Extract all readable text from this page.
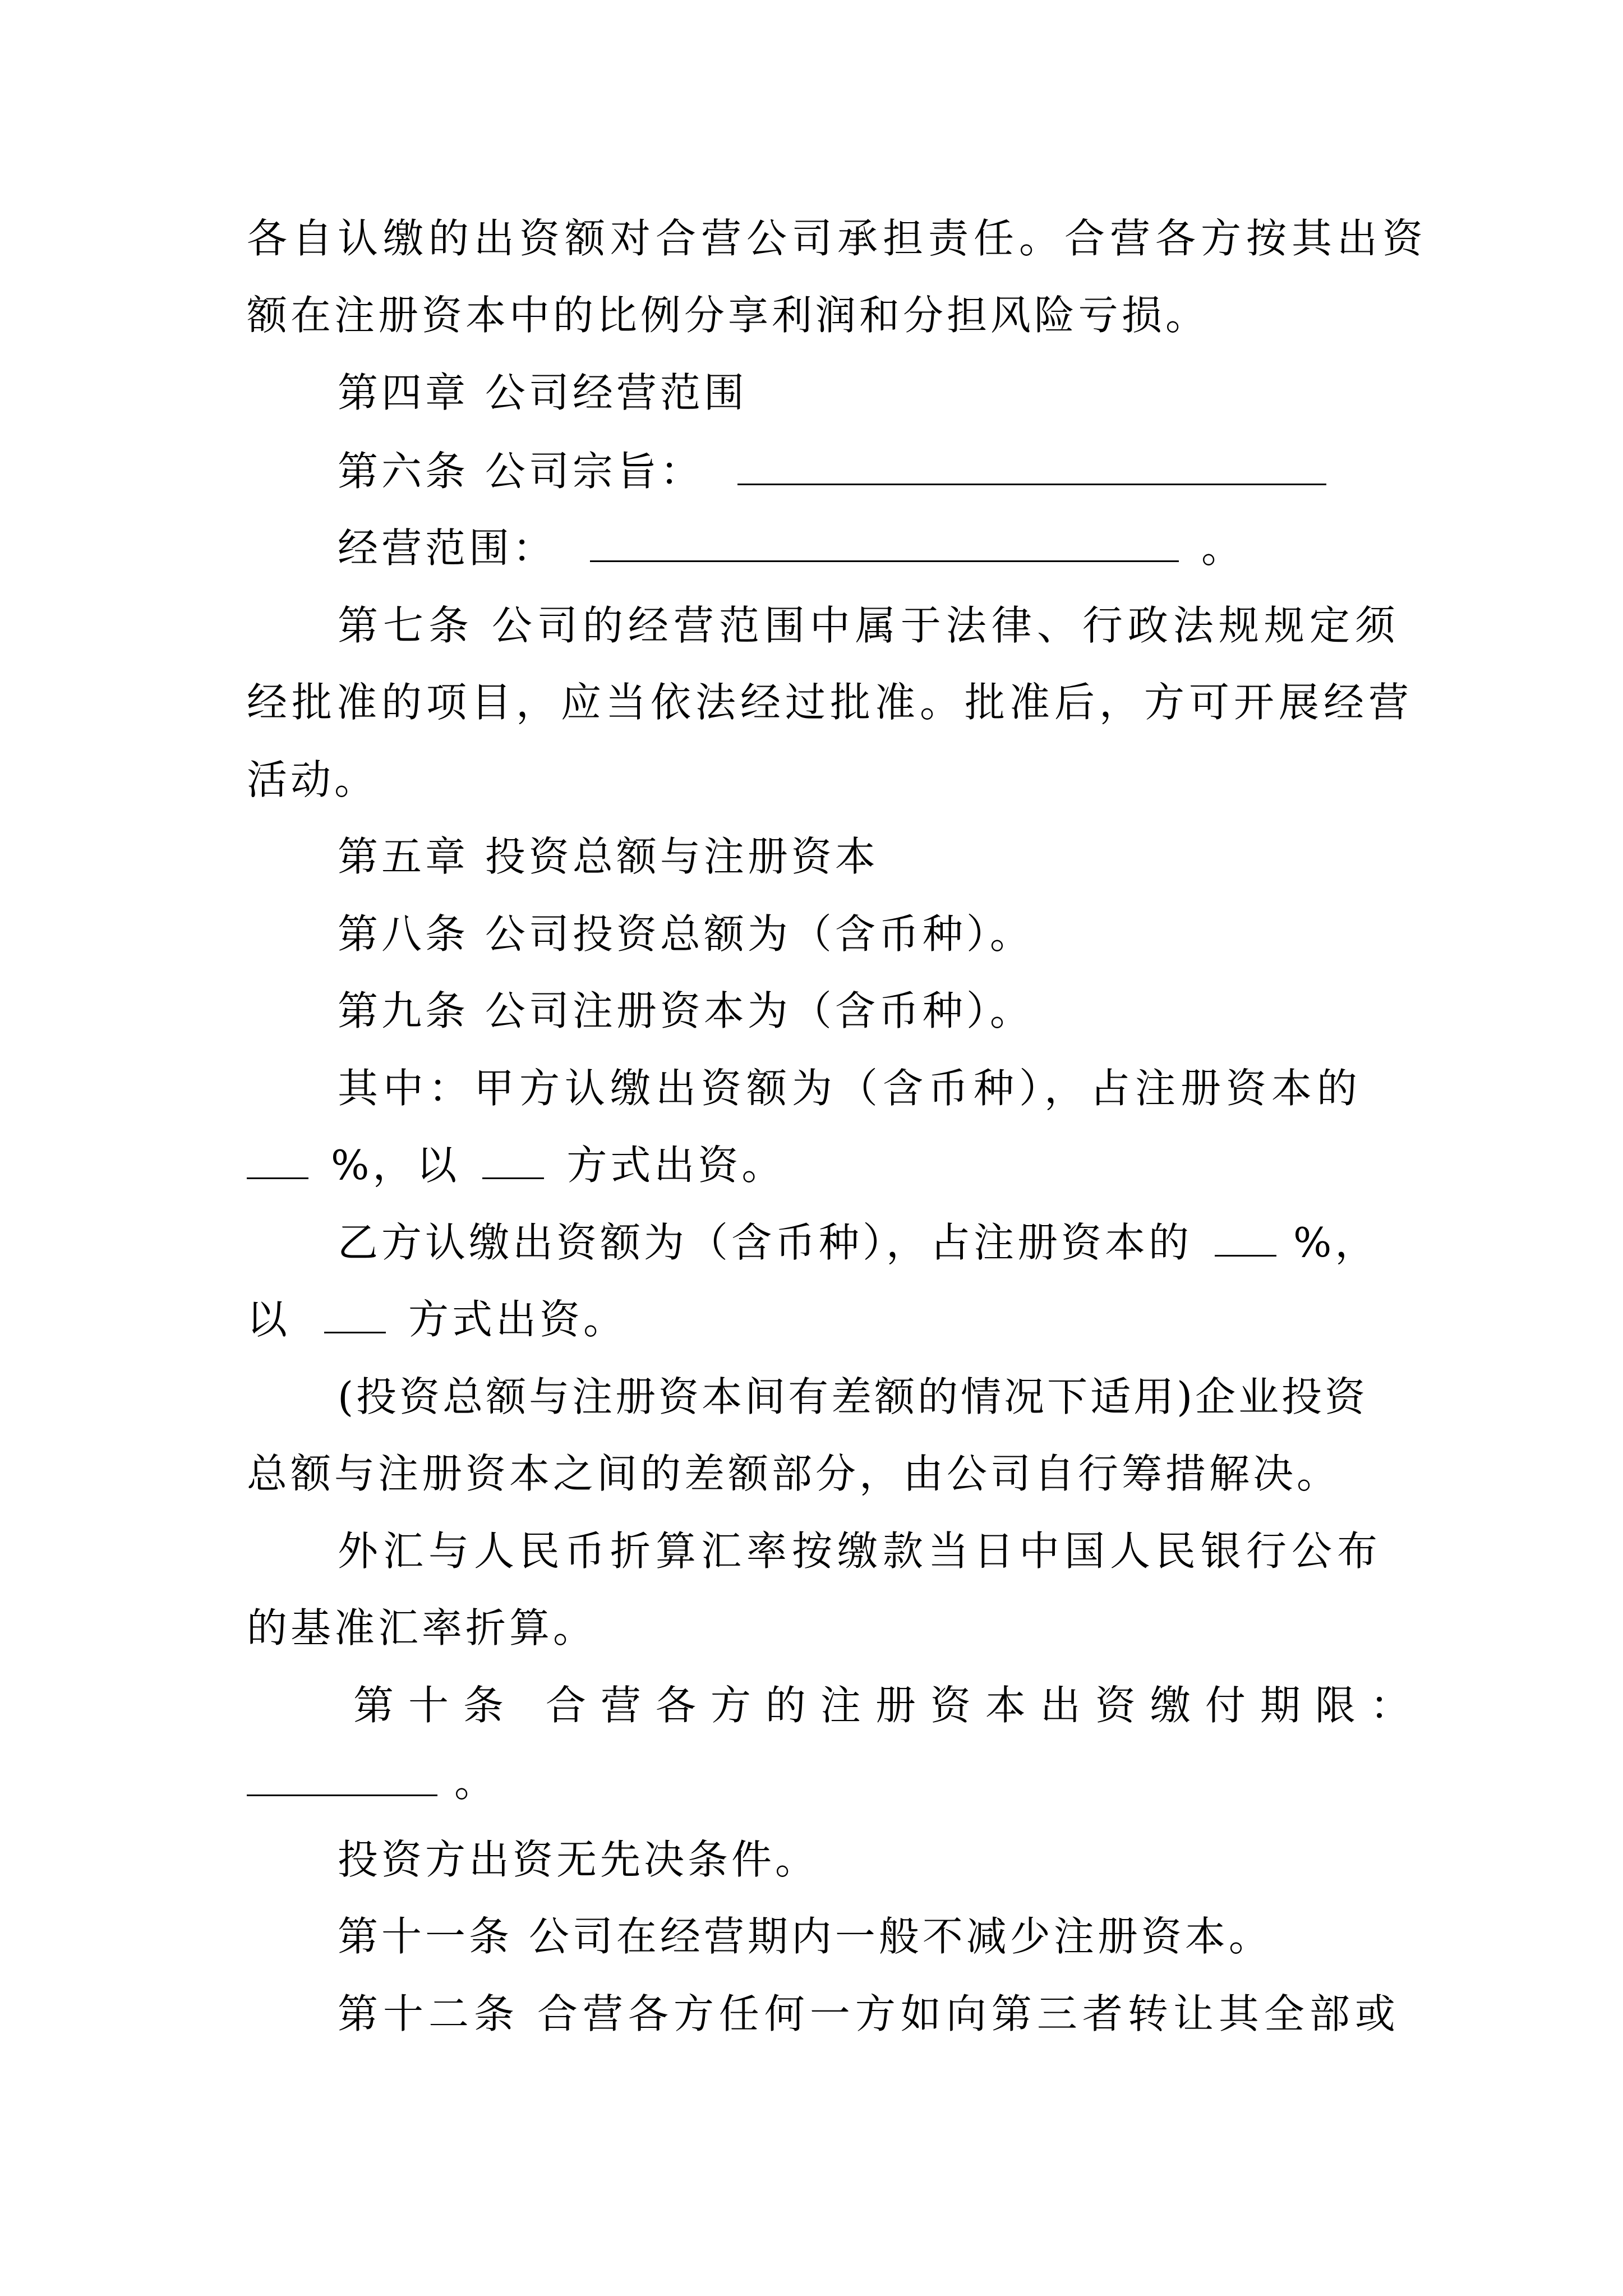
各自认缴的出资额对合营公司承担责任。合营各方按其出资
额在注册资本中的比例分享利润和分担风险亏损。
第四章 公司经营范围
第六条 公司宗旨：
经营范围：	。
第七条 公司的经营范围中属于法律、行政法规规定须
经批准的项目，应当依法经过批准。批准后，方可开展经营
活动。
第五章 投资总额与注册资本
第八条 公司投资总额为（含币种）。
第九条 公司注册资本为（含币种）。
其中：甲方认缴出资额为（含币种），占注册资本的
%，以	方式出资。
乙方认缴出资额为（含币种），占注册资本的	%，
以	方式出资。
(投资总额与注册资本间有差额的情况下适用)企业投资
总额与注册资本之间的差额部分，由公司自行筹措解决。
外汇与人民币折算汇率按缴款当日中国人民银行公布
的基准汇率折算。
第十条 合营各方的注册资本出资缴付期限：
。
投资方出资无先决条件。
第十一条 公司在经营期内一般不减少注册资本。
第十二条 合营各方任何一方如向第三者转让其全部或
